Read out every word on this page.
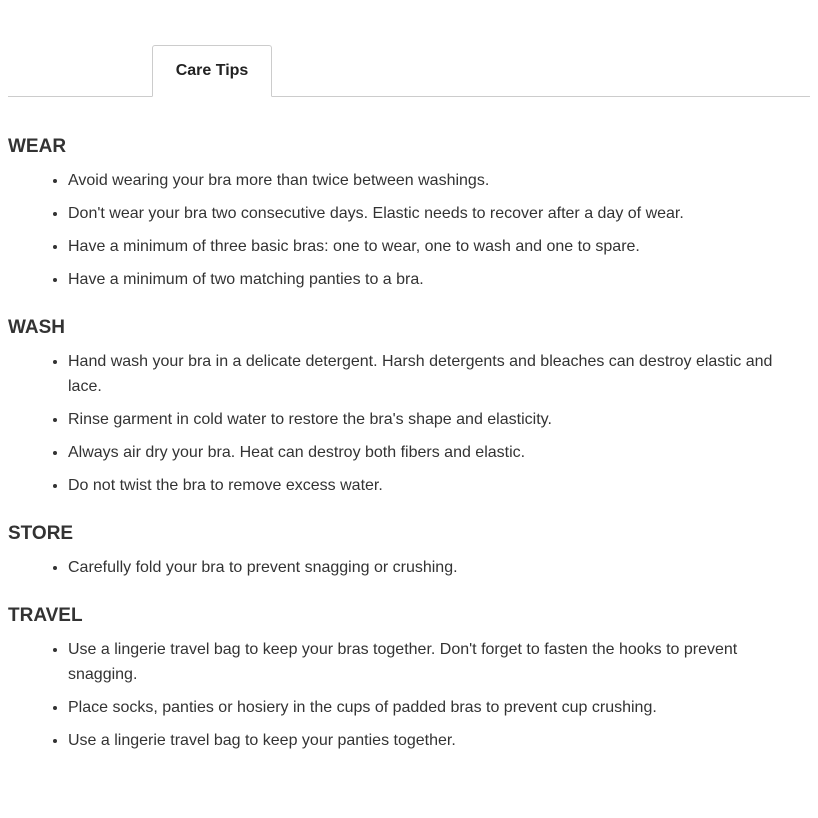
Care Tips
WEAR
• Avoid wearing your bra more than twice between washings.
• Don't wear your bra two consecutive days. Elastic needs to recover after a day of wear.
• Have a minimum of three basic bras: one to wear, one to wash and one to spare.
• Have a minimum of two matching panties to a bra.
WASH
• Hand wash your bra in a delicate detergent. Harsh detergents and bleaches can destroy elastic and lace.
• Rinse garment in cold water to restore the bra's shape and elasticity.
• Always air dry your bra. Heat can destroy both fibers and elastic.
• Do not twist the bra to remove excess water.
STORE
• Carefully fold your bra to prevent snagging or crushing.
TRAVEL
• Use a lingerie travel bag to keep your bras together. Don't forget to fasten the hooks to prevent snagging.
• Place socks, panties or hosiery in the cups of padded bras to prevent cup crushing.
• Use a lingerie travel bag to keep your panties together.
